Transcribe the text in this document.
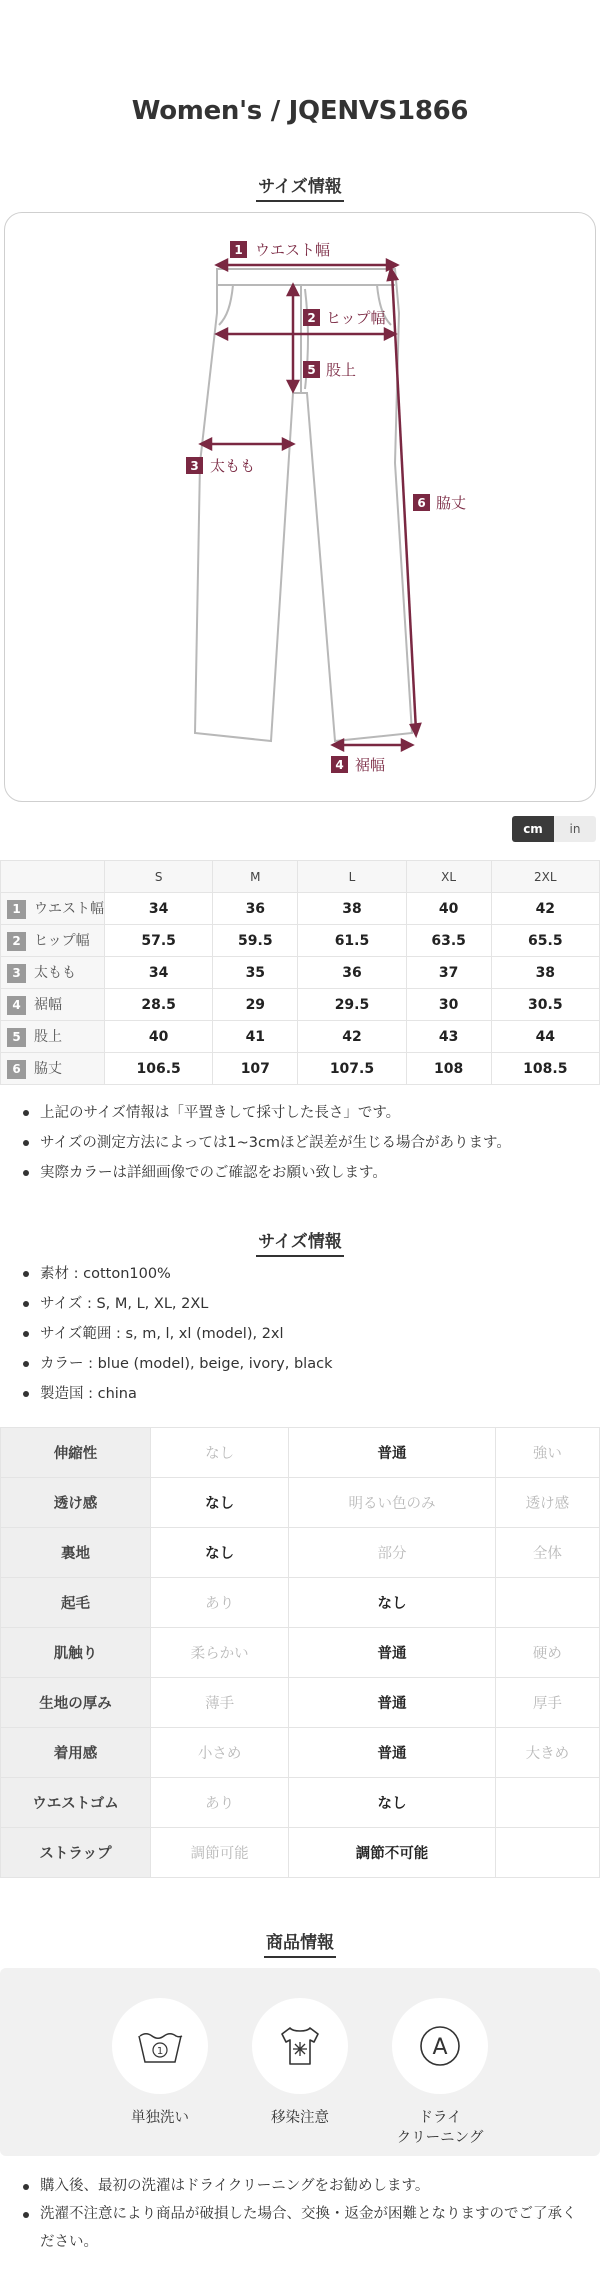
Women's / JQENVS1866
サイズ情報
1 ウエスト幅
2 ヒップ幅
5 股上
3 太もも
6 脇丈
4 裾幅
cm	in
	S	M	L	XL	2XL
1 ウエスト幅	34	36	38	40	42
2 ヒップ幅	57.5	59.5	61.5	63.5	65.5
3 太もも	34	35	36	37	38
4 裾幅	28.5	29	29.5	30	30.5
5 股上	40	41	42	43	44
6 脇丈	106.5	107	107.5	108	108.5
上記のサイズ情報は「平置きして採寸した長さ」です。
サイズの測定方法によっては1~3cmほど誤差が生じる場合があります。
実際カラーは詳細画像でのご確認をお願い致します。
サイズ情報
素材 : cotton100%
サイズ : S, M, L, XL, 2XL
サイズ範囲 : s, m, l, xl (model), 2xl
カラー : blue (model), beige, ivory, black
製造国 : china
伸縮性	なし	普通	強い
透け感	なし	明るい色のみ	透け感
裏地	なし	部分	全体
起毛	あり	なし	
肌触り	柔らかい	普通	硬め
生地の厚み	薄手	普通	厚手
着用感	小さめ	普通	大きめ
ウエストゴム	あり	なし	
ストラップ	調節可能	調節不可能	
商品情報
1
単独洗い	移染注意
A
ドライ
クリーニング
購入後、最初の洗濯はドライクリーニングをお勧めします。
洗濯不注意により商品が破損した場合、交換・返金が困難となりますのでご了承ください。
